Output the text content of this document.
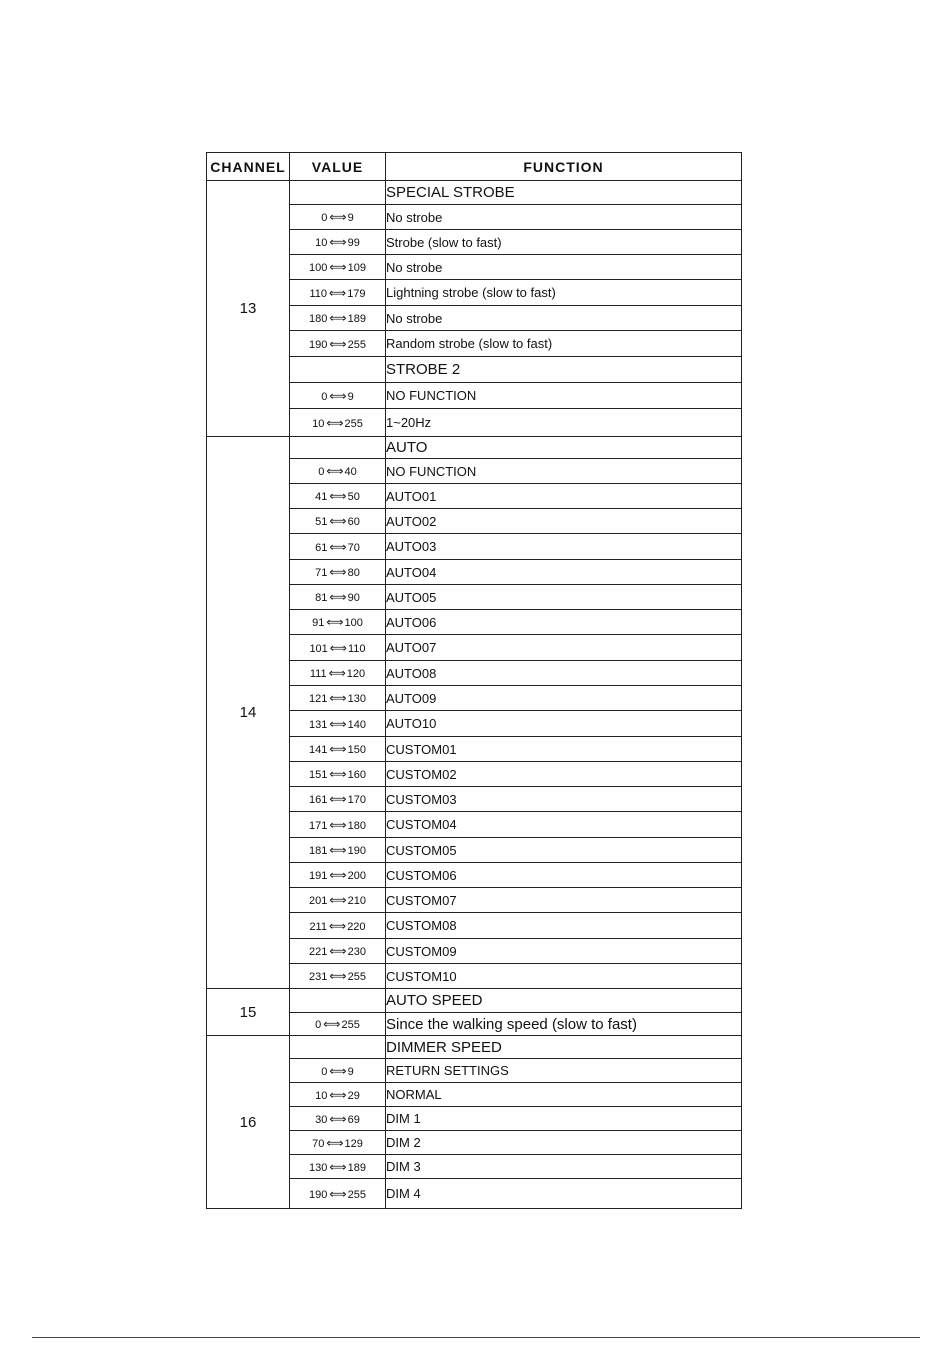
CHANNEL	VALUE	FUNCTION
13		SPECIAL STROBE
	0 ⟺ 9	No strobe
	10 ⟺ 99	Strobe (slow to fast)
	100 ⟺ 109	No strobe
	110 ⟺ 179	Lightning strobe (slow to fast)
	180 ⟺ 189	No strobe
	190 ⟺ 255	Random strobe (slow to fast)
		STROBE 2
	0 ⟺ 9	NO FUNCTION
	10 ⟺ 255	1~20Hz
14		AUTO
	0 ⟺ 40	NO FUNCTION
	41 ⟺ 50	AUTO01
	51 ⟺ 60	AUTO02
	61 ⟺ 70	AUTO03
	71 ⟺ 80	AUTO04
	81 ⟺ 90	AUTO05
	91 ⟺ 100	AUTO06
	101 ⟺ 110	AUTO07
	111 ⟺ 120	AUTO08
	121 ⟺ 130	AUTO09
	131 ⟺ 140	AUTO10
	141 ⟺ 150	CUSTOM01
	151 ⟺ 160	CUSTOM02
	161 ⟺ 170	CUSTOM03
	171 ⟺ 180	CUSTOM04
	181 ⟺ 190	CUSTOM05
	191 ⟺ 200	CUSTOM06
	201 ⟺ 210	CUSTOM07
	211 ⟺ 220	CUSTOM08
	221 ⟺ 230	CUSTOM09
	231 ⟺ 255	CUSTOM10
15		AUTO SPEED
	0 ⟺ 255	Since the walking speed (slow to fast)
16		DIMMER SPEED
	0 ⟺ 9	RETURN SETTINGS
	10 ⟺ 29	NORMAL
	30 ⟺ 69	DIM 1
	70 ⟺ 129	DIM 2
	130 ⟺ 189	DIM 3
	190 ⟺ 255	DIM 4
